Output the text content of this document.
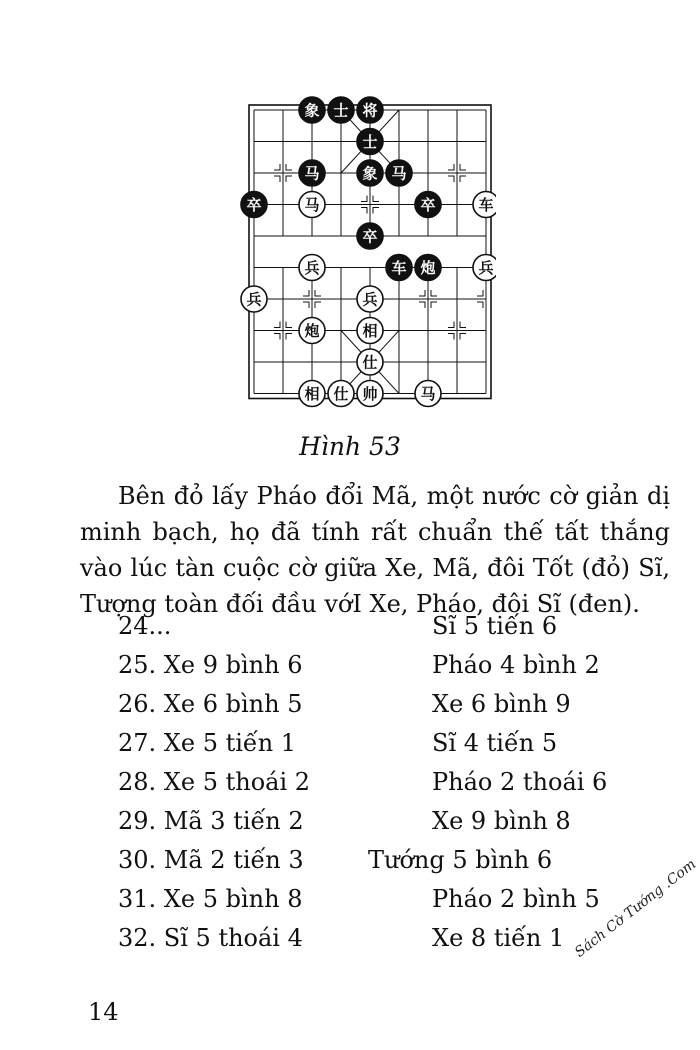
象 士 将
士
马	象 马
卒	马	卒	车
卒
兵	车 炮	兵
兵	兵
炮	相
仕
相 仕 帅	马
Hình 53
Bên đỏ lấy Pháo đổi Mã, một nước cờ giản dị minh bạch, họ đã tính rất chuẩn thế tất thắng vào lúc tàn cuộc cờ giữa Xe, Mã, đôi Tốt (đỏ) Sĩ, Tượng toàn đối đầu vớI Xe, Pháo, đôi Sĩ (đen).
24...	Sĩ 5 tiến 6
25. Xe 9 bình 6	Pháo 4 bình 2
26. Xe 6 bình 5	Xe 6 bình 9
27. Xe 5 tiến 1	Sĩ 4 tiến 5
28. Xe 5 thoái 2	Pháo 2 thoái 6
29. Mã 3 tiến 2	Xe 9 bình 8
30. Mã 2 tiến 3	Tướng 5 bình 6
31. Xe 5 bình 8	Pháo 2 bình 5
32. Sĩ 5 thoái 4	Xe 8 tiến 1
14
Sách Cờ Tướng .Com
